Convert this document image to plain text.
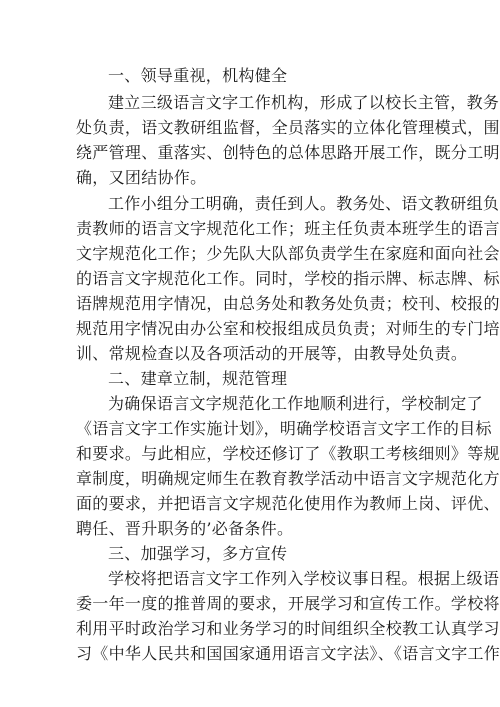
一、领导重视，机构健全
建立三级语言文字工作机构，形成了以校长主管，教务
处负责，语文教研组监督，全员落实的立体化管理模式，围
绕严管理、重落实、创特色的总体思路开展工作，既分工明
确，又团结协作。
工作小组分工明确，责任到人。教务处、语文教研组负
责教师的语言文字规范化工作；班主任负责本班学生的语言
文字规范化工作；少先队大队部负责学生在家庭和面向社会
的语言文字规范化工作。同时，学校的指示牌、标志牌、标
语牌规范用字情况，由总务处和教务处负责；校刊、校报的
规范用字情况由办公室和校报组成员负责；对师生的专门培
训、常规检查以及各项活动的开展等，由教导处负责。
二、建章立制，规范管理
为确保语言文字规范化工作地顺利进行，学校制定了
《语言文字工作实施计划》，明确学校语言文字工作的目标
和要求。与此相应，学校还修订了《教职工考核细则》等规
章制度，明确规定师生在教育教学活动中语言文字规范化方
面的要求，并把语言文字规范化使用作为教师上岗、评优、
聘任、晋升职务的’必备条件。
三、加强学习，多方宣传
学校将把语言文字工作列入学校议事日程。根据上级语
委一年一度的推普周的要求，开展学习和宣传工作。学校将
利用平时政治学习和业务学习的时间组织全校教工认真学习
习《中华人民共和国国家通用语言文字法》、《语言文字工作
